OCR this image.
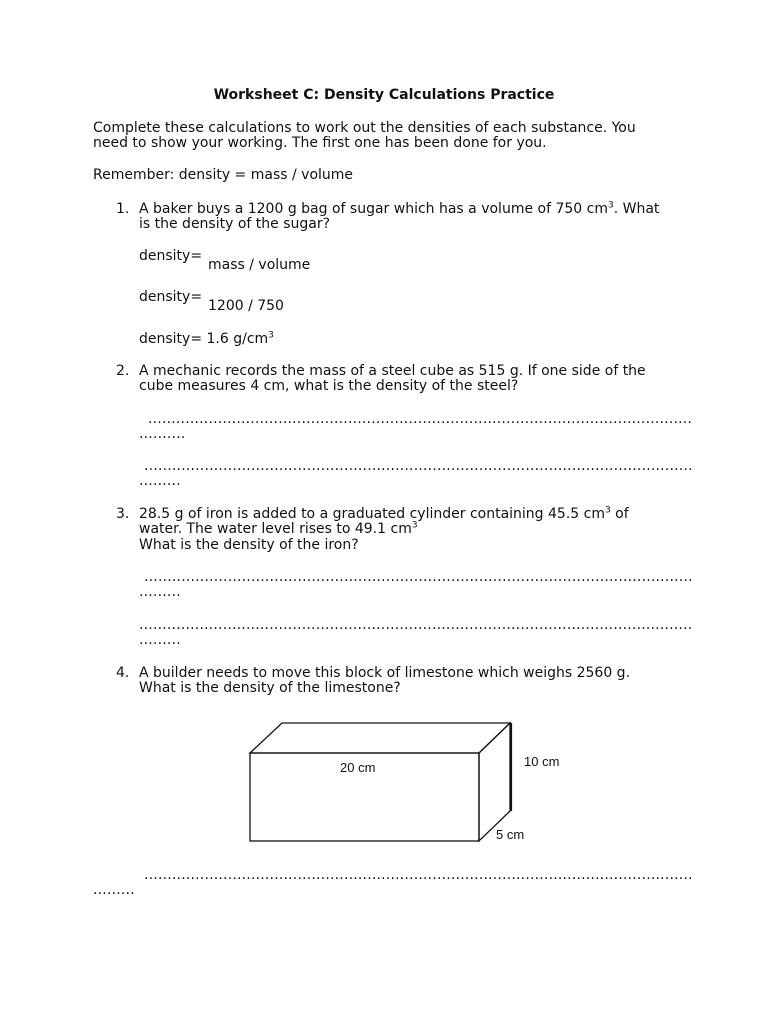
Worksheet C: Density Calculations Practice
Complete these calculations to work out the densities of each substance. You
need to show your working. The first one has been done for you.
Remember: density = mass / volume
1. A baker buys a 1200 g bag of sugar which has a volume of 750 $cm^3$. What
is the density of the sugar?
density=
mass / volume
density=
1200 / 750
density= 1.6 $g/cm^3$
2. A mechanic records the mass of a steel cube as 515 g. If one side of the
cube measures 4 cm, what is the density of the steel?
.....................................................................................................................
..........
......................................................................................................................
.........
3. 28.5 g of iron is added to a graduated cylinder containing 45.5 $cm^3$ of
water. The water level rises to 49.1 $cm^3$
What is the density of the iron?
......................................................................................................................
.........
.......................................................................................................................
.........
4. A builder needs to move this block of limestone which weighs 2560 g.
What is the density of the limestone?
20 cm	10 cm
5 cm
......................................................................................................................
.........
